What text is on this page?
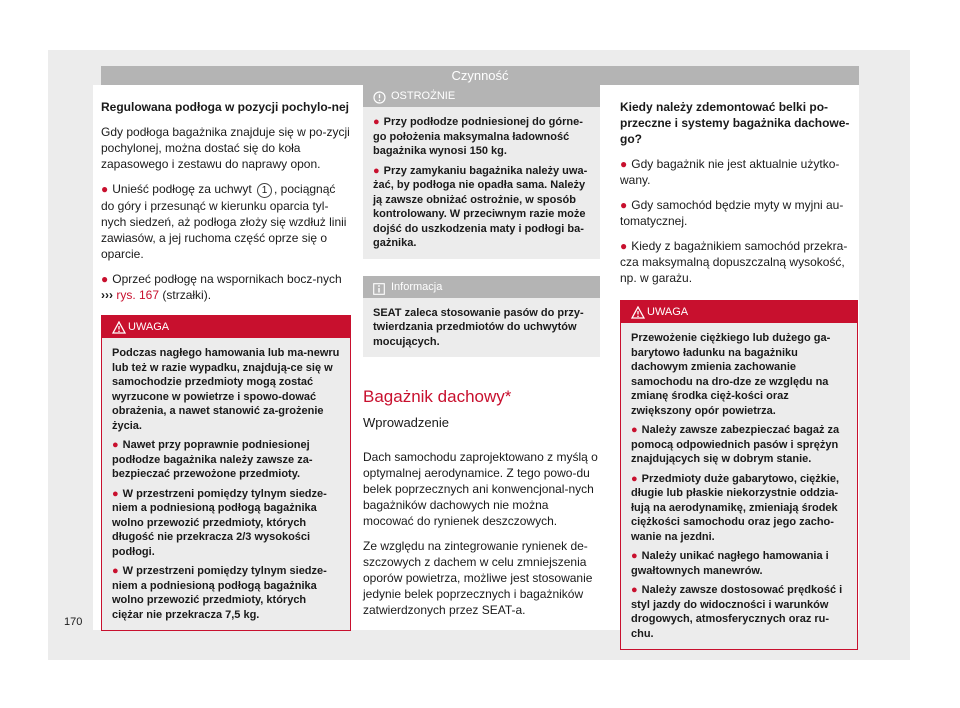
Czynność

Regulowana podłoga w pozycji pochylo-nej

Gdy podłoga bagażnika znajduje się w po-zycji pochylonej, można dostać się do koła zapasowego i zestawu do naprawy opon.

● Unieść podłogę za uchwyt 1 , pociągnąć do góry i przesunąć w kierunku oparcia tyl-nych siedzeń, aż podłoga złoży się wzdłuż linii zawiasów, a jej ruchoma część oprze się o oparcie.

● Oprzeć podłogę na wspornikach bocz-nych ››› rys. 167 (strzałki).

UWAGA

Podczas nagłego hamowania lub ma-newru lub też w razie wypadku, znajdują-ce się w samochodzie przedmioty mogą zostać wyrzucone w powietrze i spowo-dować obrażenia, a nawet stanowić za-grożenie życia.

● Nawet przy poprawnie podniesionej podłodze bagażnika należy zawsze za-bezpieczać przewożone przedmioty.

● W przestrzeni pomiędzy tylnym siedze-niem a podniesioną podłogą bagażnika wolno przewozić przedmioty, których długość nie przekracza 2/3 wysokości podłogi.

● W przestrzeni pomiędzy tylnym siedze-niem a podniesioną podłogą bagażnika wolno przewozić przedmioty, których ciężar nie przekracza 7,5 kg.

OSTROŻNIE

● Przy podłodze podniesionej do górne-go położenia maksymalna ładowność bagażnika wynosi 150 kg.

● Przy zamykaniu bagażnika należy uwa-żać, by podłoga nie opadła sama. Należy ją zawsze obniżać ostrożnie, w sposób kontrolowany. W przeciwnym razie może dojść do uszkodzenia maty i podłogi ba-gażnika.

Informacja

SEAT zaleca stosowanie pasów do przy-twierdzania przedmiotów do uchwytów mocujących.

Bagażnik dachowy*
Wprowadzenie

Dach samochodu zaprojektowano z myślą o optymalnej aerodynamice. Z tego powo-du belek poprzecznych ani konwencjonal-nych bagażników dachowych nie można mocować do rynienek deszczowych.

Ze względu na zintegrowanie rynienek de-szczowych z dachem w celu zmniejszenia oporów powietrza, możliwe jest stosowanie jedynie belek poprzecznych i bagażników zatwierdzonych przez SEAT-a.

Kiedy należy zdemontować belki po-przeczne i systemy bagażnika dachowe-go?

● Gdy bagażnik nie jest aktualnie użytko-wany.

● Gdy samochód będzie myty w myjni au-tomatycznej.

● Kiedy z bagażnikiem samochód przekra-cza maksymalną dopuszczalną wysokość, np. w garażu.

UWAGA

Przewożenie ciężkiego lub dużego ga-barytowo ładunku na bagażniku dachowym zmienia zachowanie samochodu na dro-dze ze względu na zmianę środka cięż-kości oraz zwiększony opór powietrza.

● Należy zawsze zabezpieczać bagaż za pomocą odpowiednich pasów i sprężyn znajdujących się w dobrym stanie.

● Przedmioty duże gabarytowo, ciężkie, długie lub płaskie niekorzystnie oddzia-łują na aerodynamikę, zmieniają środek ciężkości samochodu oraz jego zacho-wanie na jezdni.

● Należy unikać nagłego hamowania i gwałtownych manewrów.

● Należy zawsze dostosować prędkość i styl jazdy do widoczności i warunków drogowych, atmosferycznych oraz ru-chu.

170
